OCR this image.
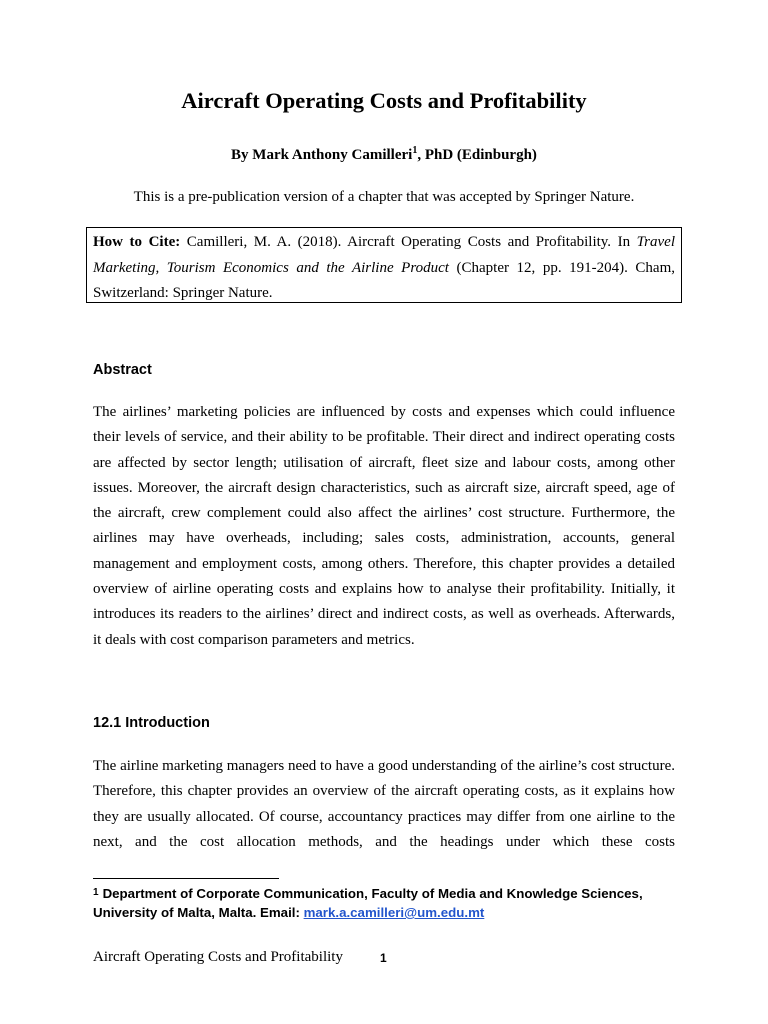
Aircraft Operating Costs and Profitability
By Mark Anthony Camilleri$^1$, PhD (Edinburgh)
This is a pre-publication version of a chapter that was accepted by Springer Nature.
How to Cite: Camilleri, M. A. (2018). Aircraft Operating Costs and Profitability. In Travel Marketing, Tourism Economics and the Airline Product (Chapter 12, pp. 191-204). Cham, Switzerland: Springer Nature.
Abstract
The airlines’ marketing policies are influenced by costs and expenses which could influence their levels of service, and their ability to be profitable. Their direct and indirect operating costs are affected by sector length; utilisation of aircraft, fleet size and labour costs, among other issues. Moreover, the aircraft design characteristics, such as aircraft size, aircraft speed, age of the aircraft, crew complement could also affect the airlines’ cost structure. Furthermore, the airlines may have overheads, including; sales costs, administration, accounts, general management and employment costs, among others. Therefore, this chapter provides a detailed overview of airline operating costs and explains how to analyse their profitability. Initially, it introduces its readers to the airlines’ direct and indirect costs, as well as overheads. Afterwards, it deals with cost comparison parameters and metrics.
12.1 Introduction
The airline marketing managers need to have a good understanding of the airline’s cost structure. Therefore, this chapter provides an overview of the aircraft operating costs, as it explains how they are usually allocated. Of course, accountancy practices may differ from one airline to the next, and the cost allocation methods, and the headings under which these costs
$^1$ Department of Corporate Communication, Faculty of Media and Knowledge Sciences, University of Malta, Malta. Email: mark.a.camilleri@um.edu.mt
Aircraft Operating Costs and Profitability	1
